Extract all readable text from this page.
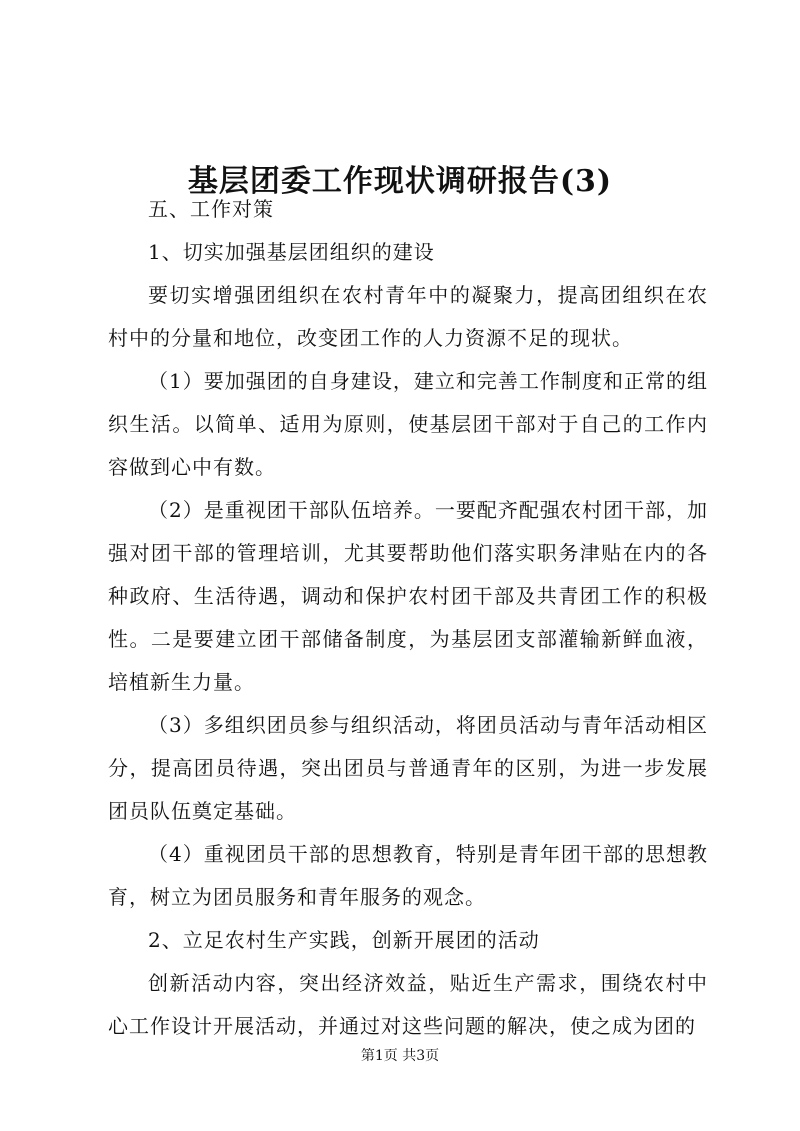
基层团委工作现状调研报告(3)

五、工作对策

1、切实加强基层团组织的建设

要切实增强团组织在农村青年中的凝聚力，提高团组织在农村中的分量和地位，改变团工作的人力资源不足的现状。

（1）要加强团的自身建设，建立和完善工作制度和正常的组织生活。以简单、适用为原则，使基层团干部对于自己的工作内容做到心中有数。

（2）是重视团干部队伍培养。一要配齐配强农村团干部，加强对团干部的管理培训，尤其要帮助他们落实职务津贴在内的各种政府、生活待遇，调动和保护农村团干部及共青团工作的积极性。二是要建立团干部储备制度，为基层团支部灌输新鲜血液，培植新生力量。

（3）多组织团员参与组织活动，将团员活动与青年活动相区分，提高团员待遇，突出团员与普通青年的区别，为进一步发展团员队伍奠定基础。

（4）重视团员干部的思想教育，特别是青年团干部的思想教育，树立为团员服务和青年服务的观念。

2、立足农村生产实践，创新开展团的活动

创新活动内容，突出经济效益，贴近生产需求，围绕农村中心工作设计开展活动，并通过对这些问题的解决，使之成为团的

第1页 共3页
